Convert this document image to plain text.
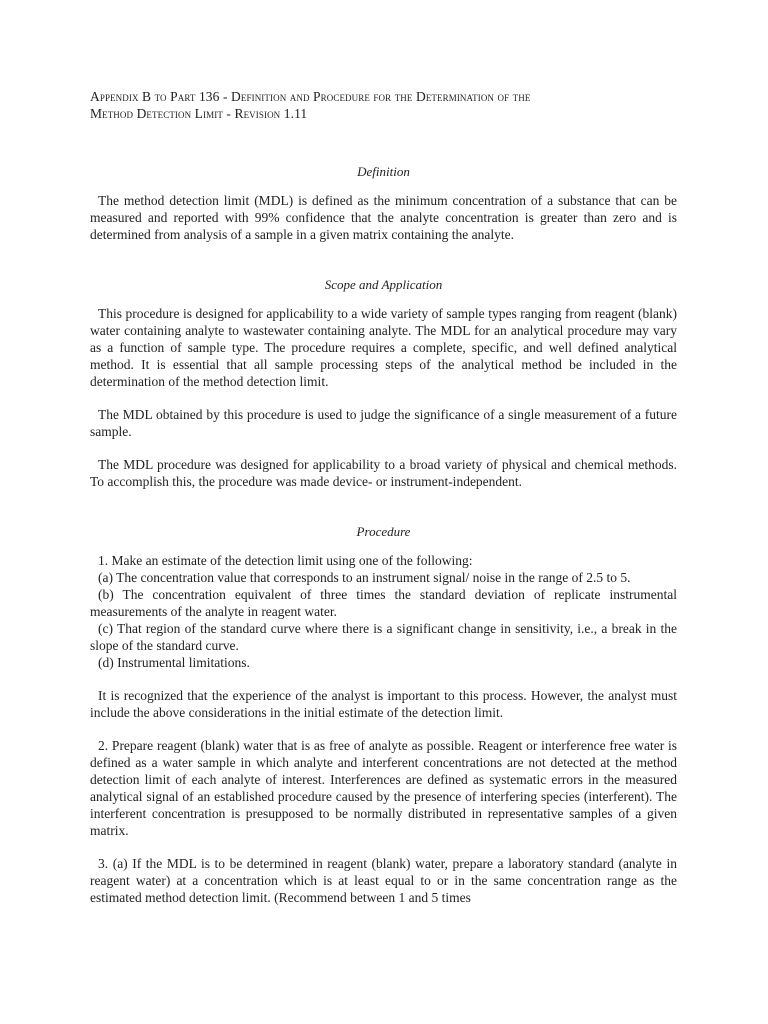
Appendix B to Part 136 - Definition and Procedure for the Determination of the
Method Detection Limit - Revision 1.11

Definition

The method detection limit (MDL) is defined as the minimum concentration of a substance that can be measured and reported with 99% confidence that the analyte concentration is greater than zero and is determined from analysis of a sample in a given matrix containing the analyte.

Scope and Application

This procedure is designed for applicability to a wide variety of sample types ranging from reagent (blank) water containing analyte to wastewater containing analyte. The MDL for an analytical procedure may vary as a function of sample type. The procedure requires a complete, specific, and well defined analytical method. It is essential that all sample processing steps of the analytical method be included in the determination of the method detection limit.

The MDL obtained by this procedure is used to judge the significance of a single measurement of a future sample.

The MDL procedure was designed for applicability to a broad variety of physical and chemical methods. To accomplish this, the procedure was made device- or instrument-independent.

Procedure

1. Make an estimate of the detection limit using one of the following:

(a) The concentration value that corresponds to an instrument signal/ noise in the range of 2.5 to 5.

(b) The concentration equivalent of three times the standard deviation of replicate instrumental measurements of the analyte in reagent water.

(c) That region of the standard curve where there is a significant change in sensitivity, i.e., a break in the slope of the standard curve.

(d) Instrumental limitations.

It is recognized that the experience of the analyst is important to this process. However, the analyst must include the above considerations in the initial estimate of the detection limit.

2. Prepare reagent (blank) water that is as free of analyte as possible. Reagent or interference free water is defined as a water sample in which analyte and interferent concentrations are not detected at the method detection limit of each analyte of interest. Interferences are defined as systematic errors in the measured analytical signal of an established procedure caused by the presence of interfering species (interferent). The interferent concentration is presupposed to be normally distributed in representative samples of a given matrix.

3. (a) If the MDL is to be determined in reagent (blank) water, prepare a laboratory standard (analyte in reagent water) at a concentration which is at least equal to or in the same concentration range as the estimated method detection limit. (Recommend between 1 and 5 times
